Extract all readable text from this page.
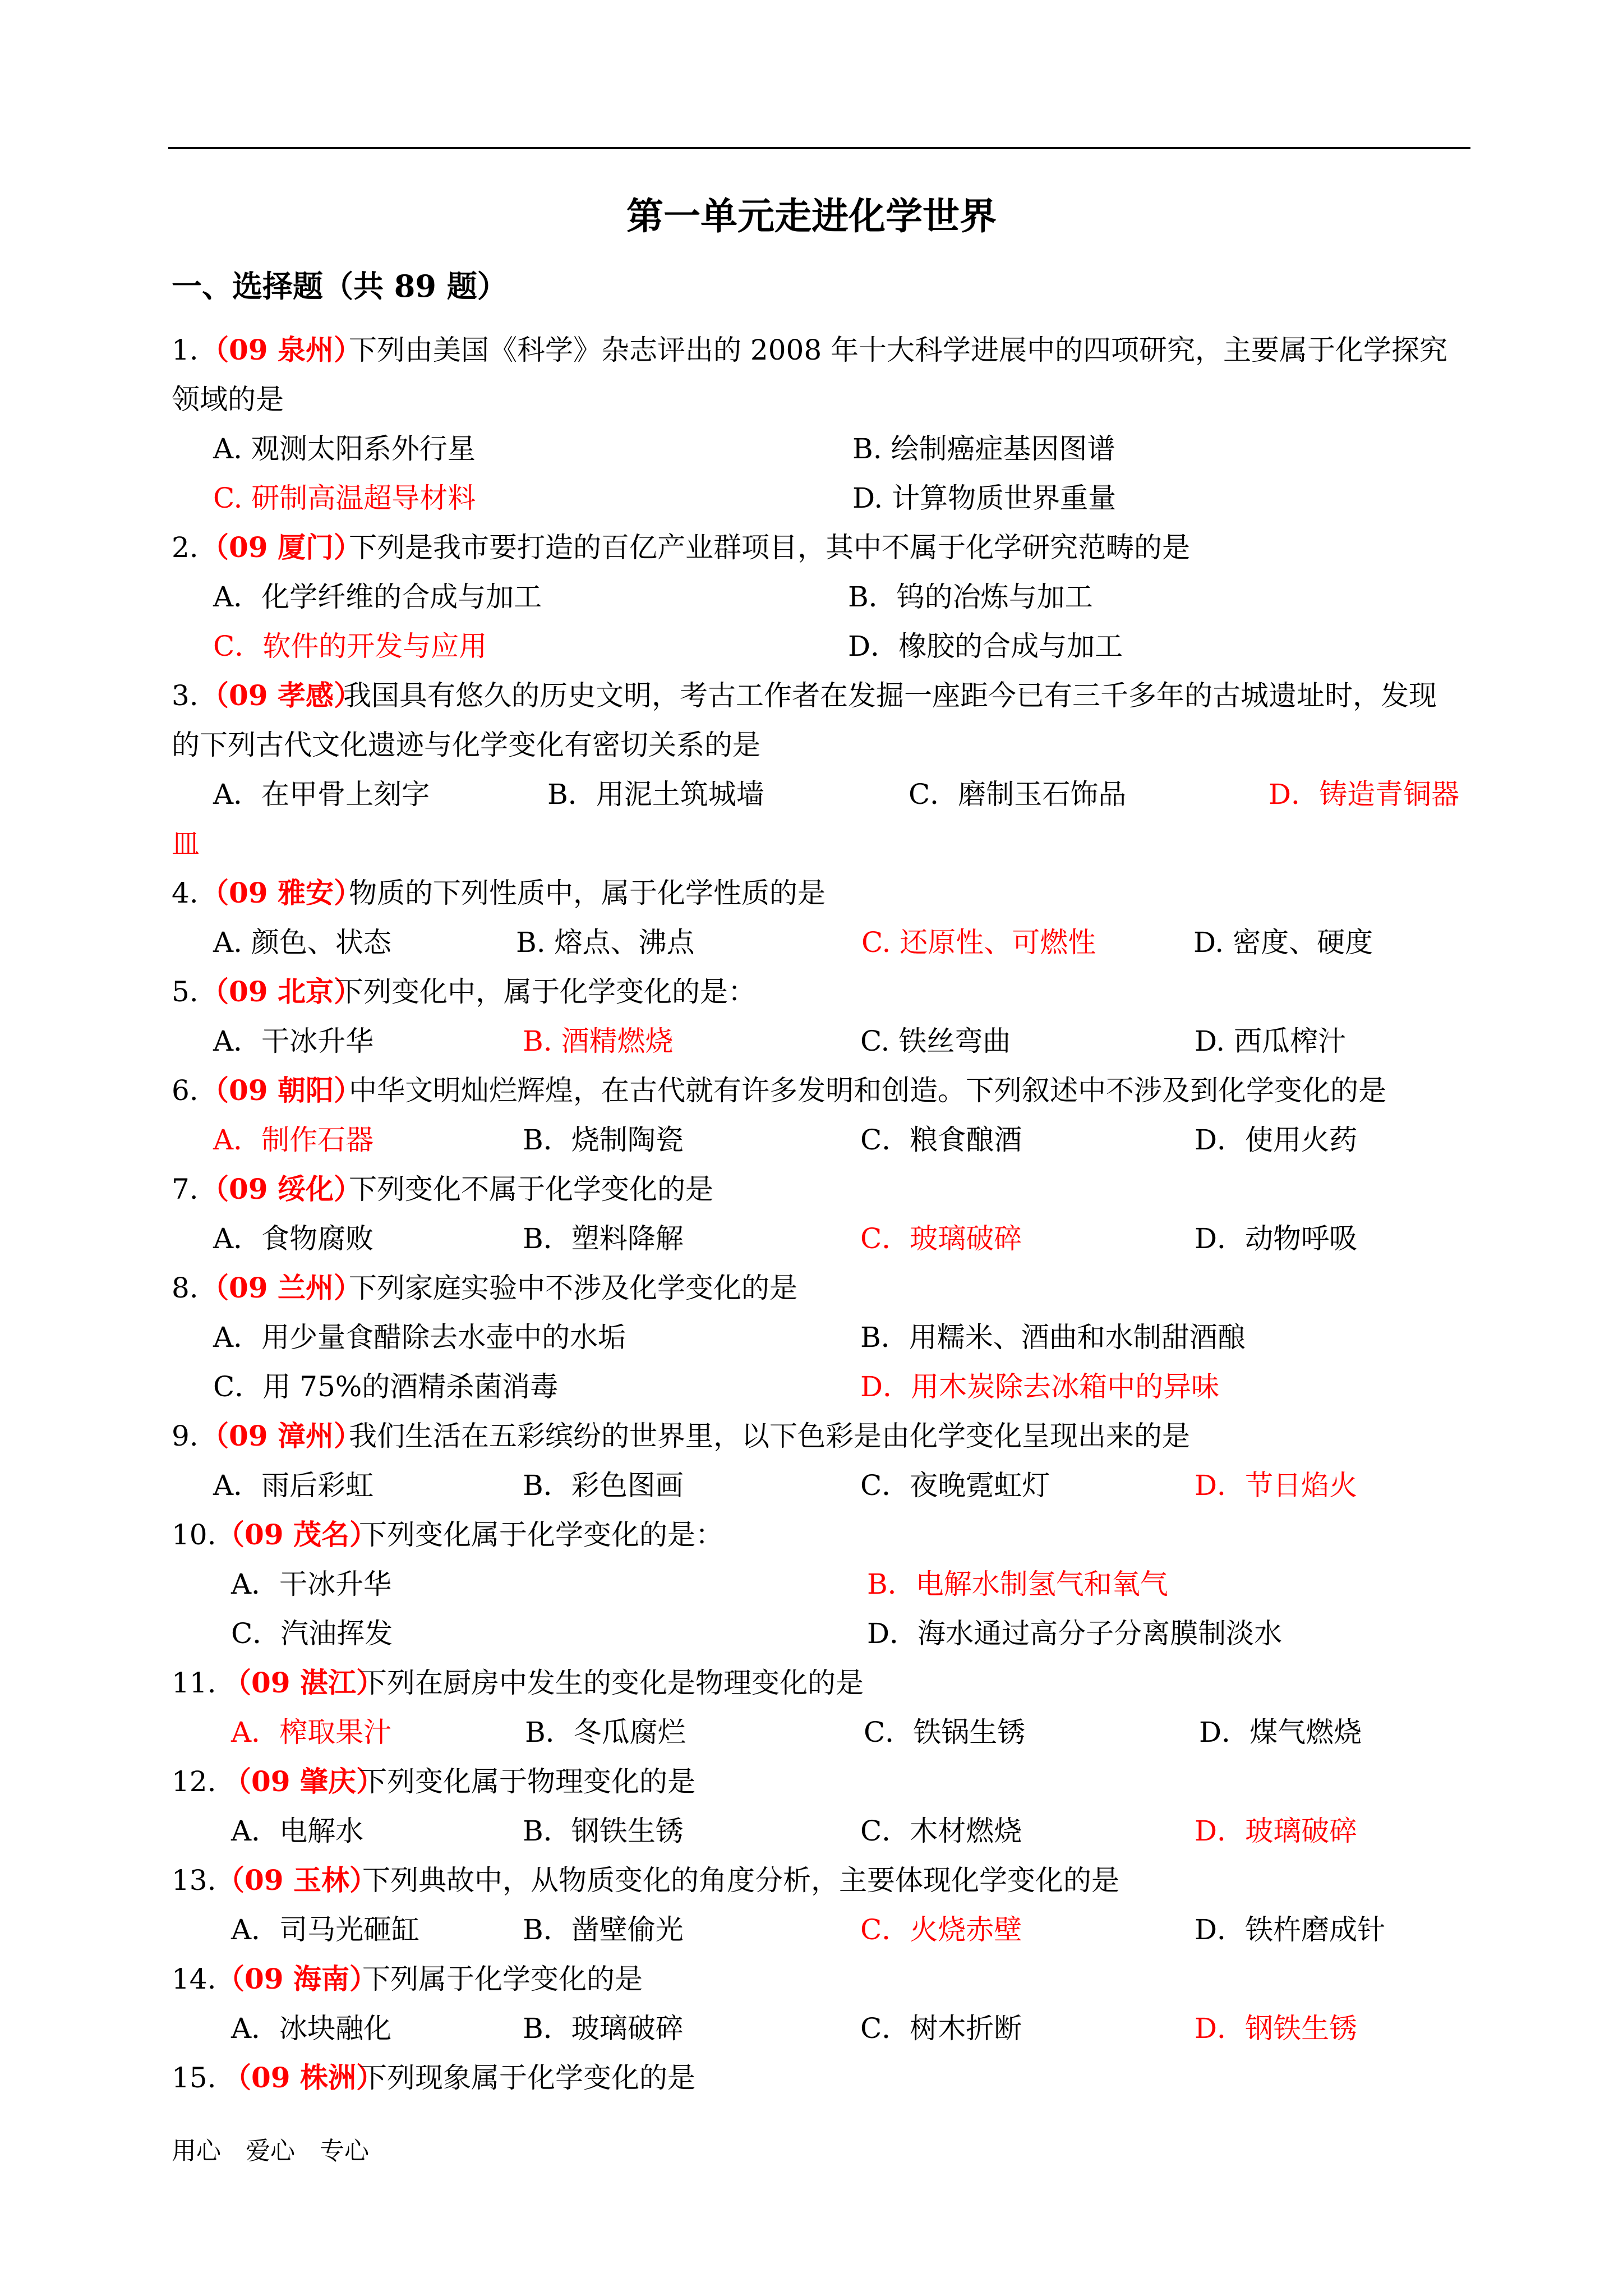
第一单元走进化学世界
一、选择题（共 89 题）
1. （09 泉州）
下列由美国《科学》杂志评出的 2008 年十大科学进展中的四项研究，主要属于化学探究
领域的是
A. 观测太阳系外行星	B. 绘制癌症基因图谱
C. 研制高温超导材料	D. 计算物质世界重量
2. （09 厦门）
下列是我市要打造的百亿产业群项目，其中不属于化学研究范畴的是
A．化学纤维的合成与加工	B．钨的冶炼与加工
C．软件的开发与应用	D．橡胶的合成与加工
3. （09 孝感）
我国具有悠久的历史文明，考古工作者在发掘一座距今已有三千多年的古城遗址时，发现
的下列古代文化遗迹与化学变化有密切关系的是
A．在甲骨上刻字	B．用泥土筑城墙	C．磨制玉石饰品	D．铸造青铜器
皿
4. （09 雅安）
物质的下列性质中，属于化学性质的是
A. 颜色、状态	B. 熔点、沸点	C. 还原性、可燃性	D. 密度、硬度
5. （09 北京）
下列变化中，属于化学变化的是：
A．干冰升华	B. 酒精燃烧	C. 铁丝弯曲	D. 西瓜榨汁
6. （09 朝阳）
中华文明灿烂辉煌，在古代就有许多发明和创造。下列叙述中不涉及到化学变化的是
A．制作石器	B．烧制陶瓷	C．粮食酿酒	D．使用火药
7. （09 绥化）
下列变化不属于化学变化的是
A．食物腐败	B．塑料降解	C．玻璃破碎	D．动物呼吸
8. （09 兰州）
下列家庭实验中不涉及化学变化的是
A．用少量食醋除去水壶中的水垢	B．用糯米、酒曲和水制甜酒酿
C．用 75%的酒精杀菌消毒	D．用木炭除去冰箱中的异味
9. （09 漳州）
我们生活在五彩缤纷的世界里，以下色彩是由化学变化呈现出来的是
A．雨后彩虹	B．彩色图画	C．夜晚霓虹灯	D．节日焰火
10. （09 茂名）
下列变化属于化学变化的是：
A．干冰升华	B．电解水制氢气和氧气
C．汽油挥发	D．海水通过高分子分离膜制淡水
11. （09 湛江）
下列在厨房中发生的变化是物理变化的是
A．榨取果汁	B．冬瓜腐烂	C．铁锅生锈	D．煤气燃烧
12. （09 肇庆）
下列变化属于物理变化的是
A．电解水	B．钢铁生锈	C．木材燃烧	D．玻璃破碎
13. （09 玉林）
下列典故中，从物质变化的角度分析，主要体现化学变化的是
A．司马光砸缸	B．凿壁偷光	C．火烧赤壁	D．铁杵磨成针
14. （09 海南）
下列属于化学变化的是
A．冰块融化	B．玻璃破碎	C．树木折断	D．钢铁生锈
15. （09 株洲）
下列现象属于化学变化的是
用心　爱心　专心
